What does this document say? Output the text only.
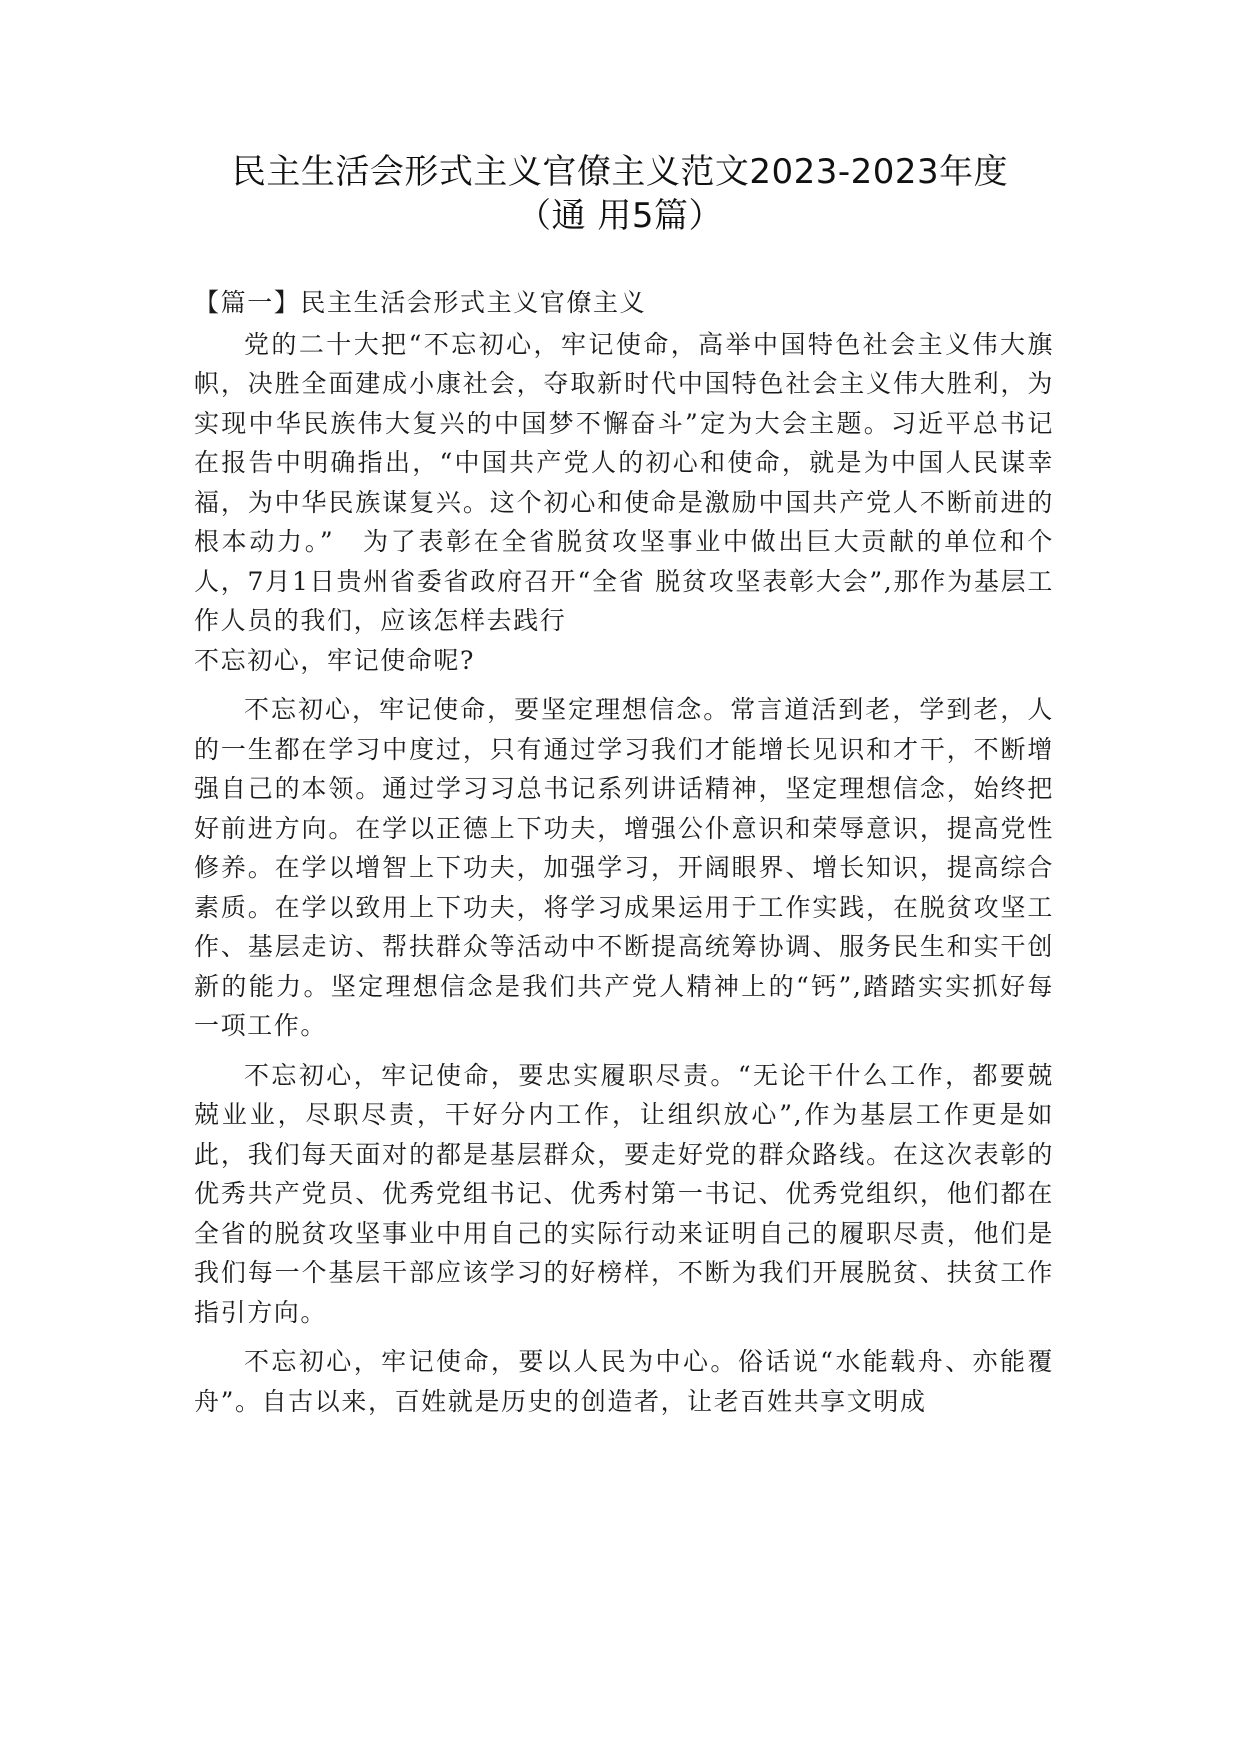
民主生活会形式主义官僚主义范文2023-2023年度
（通 用5篇）

【篇一】民主生活会形式主义官僚主义

党的二十大把“不忘初心，牢记使命，高举中国特色社会主义伟大旗帜，决胜全面建成小康社会，夺取新时代中国特色社会主义伟大胜利，为实现中华民族伟大复兴的中国梦不懈奋斗”定为大会主题。习近平总书记在报告中明确指出，“中国共产党人的初心和使命，就是为中国人民谋幸福，为中华民族谋复兴。这个初心和使命是激励中国共产党人不断前进的根本动力。”　为了表彰在全省脱贫攻坚事业中做出巨大贡献的单位和个人，7月1日贵州省委省政府召开“全省 脱贫攻坚表彰大会”,那作为基层工作人员的我们，应该怎样去践行

不忘初心，牢记使命呢?

不忘初心，牢记使命，要坚定理想信念。常言道活到老，学到老，人的一生都在学习中度过，只有通过学习我们才能增长见识和才干，不断增强自己的本领。通过学习习总书记系列讲话精神，坚定理想信念，始终把好前进方向。在学以正德上下功夫，增强公仆意识和荣辱意识，提高党性修养。在学以增智上下功夫，加强学习，开阔眼界、增长知识，提高综合素质。在学以致用上下功夫，将学习成果运用于工作实践，在脱贫攻坚工作、基层走访、帮扶群众等活动中不断提高统筹协调、服务民生和实干创新的能力。坚定理想信念是我们共产党人精神上的“钙”,踏踏实实抓好每一项工作。

不忘初心，牢记使命，要忠实履职尽责。“无论干什么工作，都要兢兢业业，尽职尽责，干好分内工作，让组织放心”,作为基层工作更是如此，我们每天面对的都是基层群众，要走好党的群众路线。在这次表彰的优秀共产党员、优秀党组书记、优秀村第一书记、优秀党组织，他们都在全省的脱贫攻坚事业中用自己的实际行动来证明自己的履职尽责，他们是我们每一个基层干部应该学习的好榜样，不断为我们开展脱贫、扶贫工作指引方向。

不忘初心，牢记使命，要以人民为中心。俗话说“水能载舟、亦能覆舟”。自古以来，百姓就是历史的创造者，让老百姓共享文明成
